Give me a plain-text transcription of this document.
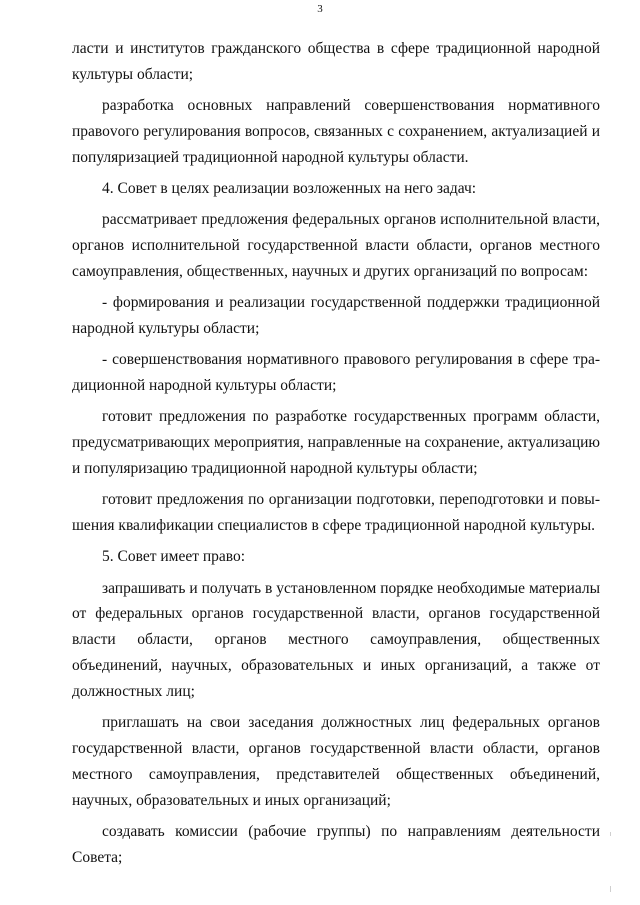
3

ласти и институтов гражданского общества в сфере традиционной народной культуры области;

разработка основных направлений совершенствования нормативного правоvого регулирования вопросов, связанных с сохранением, актуализацией и популяризацией традиционной народной культуры области.

4. Совет в целях реализации возложенных на него задач:

рассматривает предложения федеральных органов исполнительной власти, органов исполнительной государственной власти области, органов местного самоуправления, общественных, научных и других организаций по вопросам:

- формирования и реализации государственной поддержки традиционной народной культуры области;

- совершенствования нормативного правового регулирования в сфере традиционной народной культуры области;

готовит предложения по разработке государственных программ области, предусматривающих мероприятия, направленные на сохранение, актуализацию и популяризацию традиционной народной культуры области;

готовит предложения по организации подготовки, переподготовки и повышения квалификации специалистов в сфере традиционной народной культуры.

5. Совет имеет право:

запрашивать и получать в установленном порядке необходимые материалы от федеральных органов государственной власти, органов государственной власти области, органов местного самоуправления, общественных объединений, научных, образовательных и иных организаций, а также от должностных лиц;

приглашать на свои заседания должностных лиц федеральных органов государственной власти, органов государственной власти области, органов местного самоуправления, представителей общественных объединений, научных, образовательных и иных организаций;

создавать комиссии (рабочие группы) по направлениям деятельности Совета;
